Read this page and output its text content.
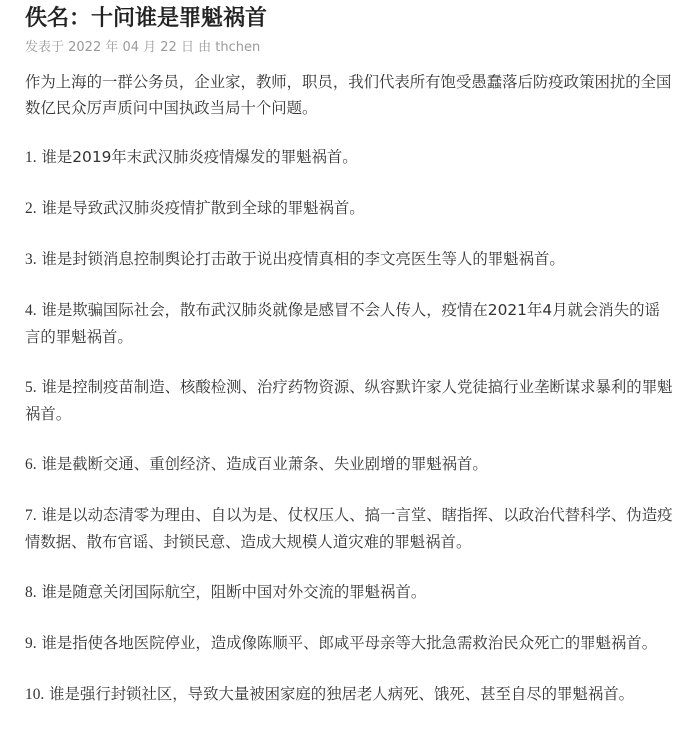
佚名：十问谁是罪魁祸首
发表于 2022 年 04 月 22 日 由 thchen

作为上海的一群公务员，企业家，教师，职员，我们代表所有饱受愚蠢落后防疫政策困扰的全国数亿民众厉声质问中国执政当局十个问题。

1. 谁是2019年末武汉肺炎疫情爆发的罪魁祸首。
2. 谁是导致武汉肺炎疫情扩散到全球的罪魁祸首。
3. 谁是封锁消息控制舆论打击敢于说出疫情真相的李文亮医生等人的罪魁祸首。
4. 谁是欺骗国际社会，散布武汉肺炎就像是感冒不会人传人，疫情在2021年4月就会消失的谣言的罪魁祸首。
5. 谁是控制疫苗制造、核酸检测、治疗药物资源、纵容默许家人党徒搞行业垄断谋求暴利的罪魁祸首。
6. 谁是截断交通、重创经济、造成百业萧条、失业剧增的罪魁祸首。
7. 谁是以动态清零为理由、自以为是、仗权压人、搞一言堂、瞎指挥、以政治代替科学、伪造疫情数据、散布官谣、封锁民意、造成大规模人道灾难的罪魁祸首。
8. 谁是随意关闭国际航空，阻断中国对外交流的罪魁祸首。
9. 谁是指使各地医院停业，造成像陈顺平、郎咸平母亲等大批急需救治民众死亡的罪魁祸首。
10. 谁是强行封锁社区，导致大量被困家庭的独居老人病死、饿死、甚至自尽的罪魁祸首。
